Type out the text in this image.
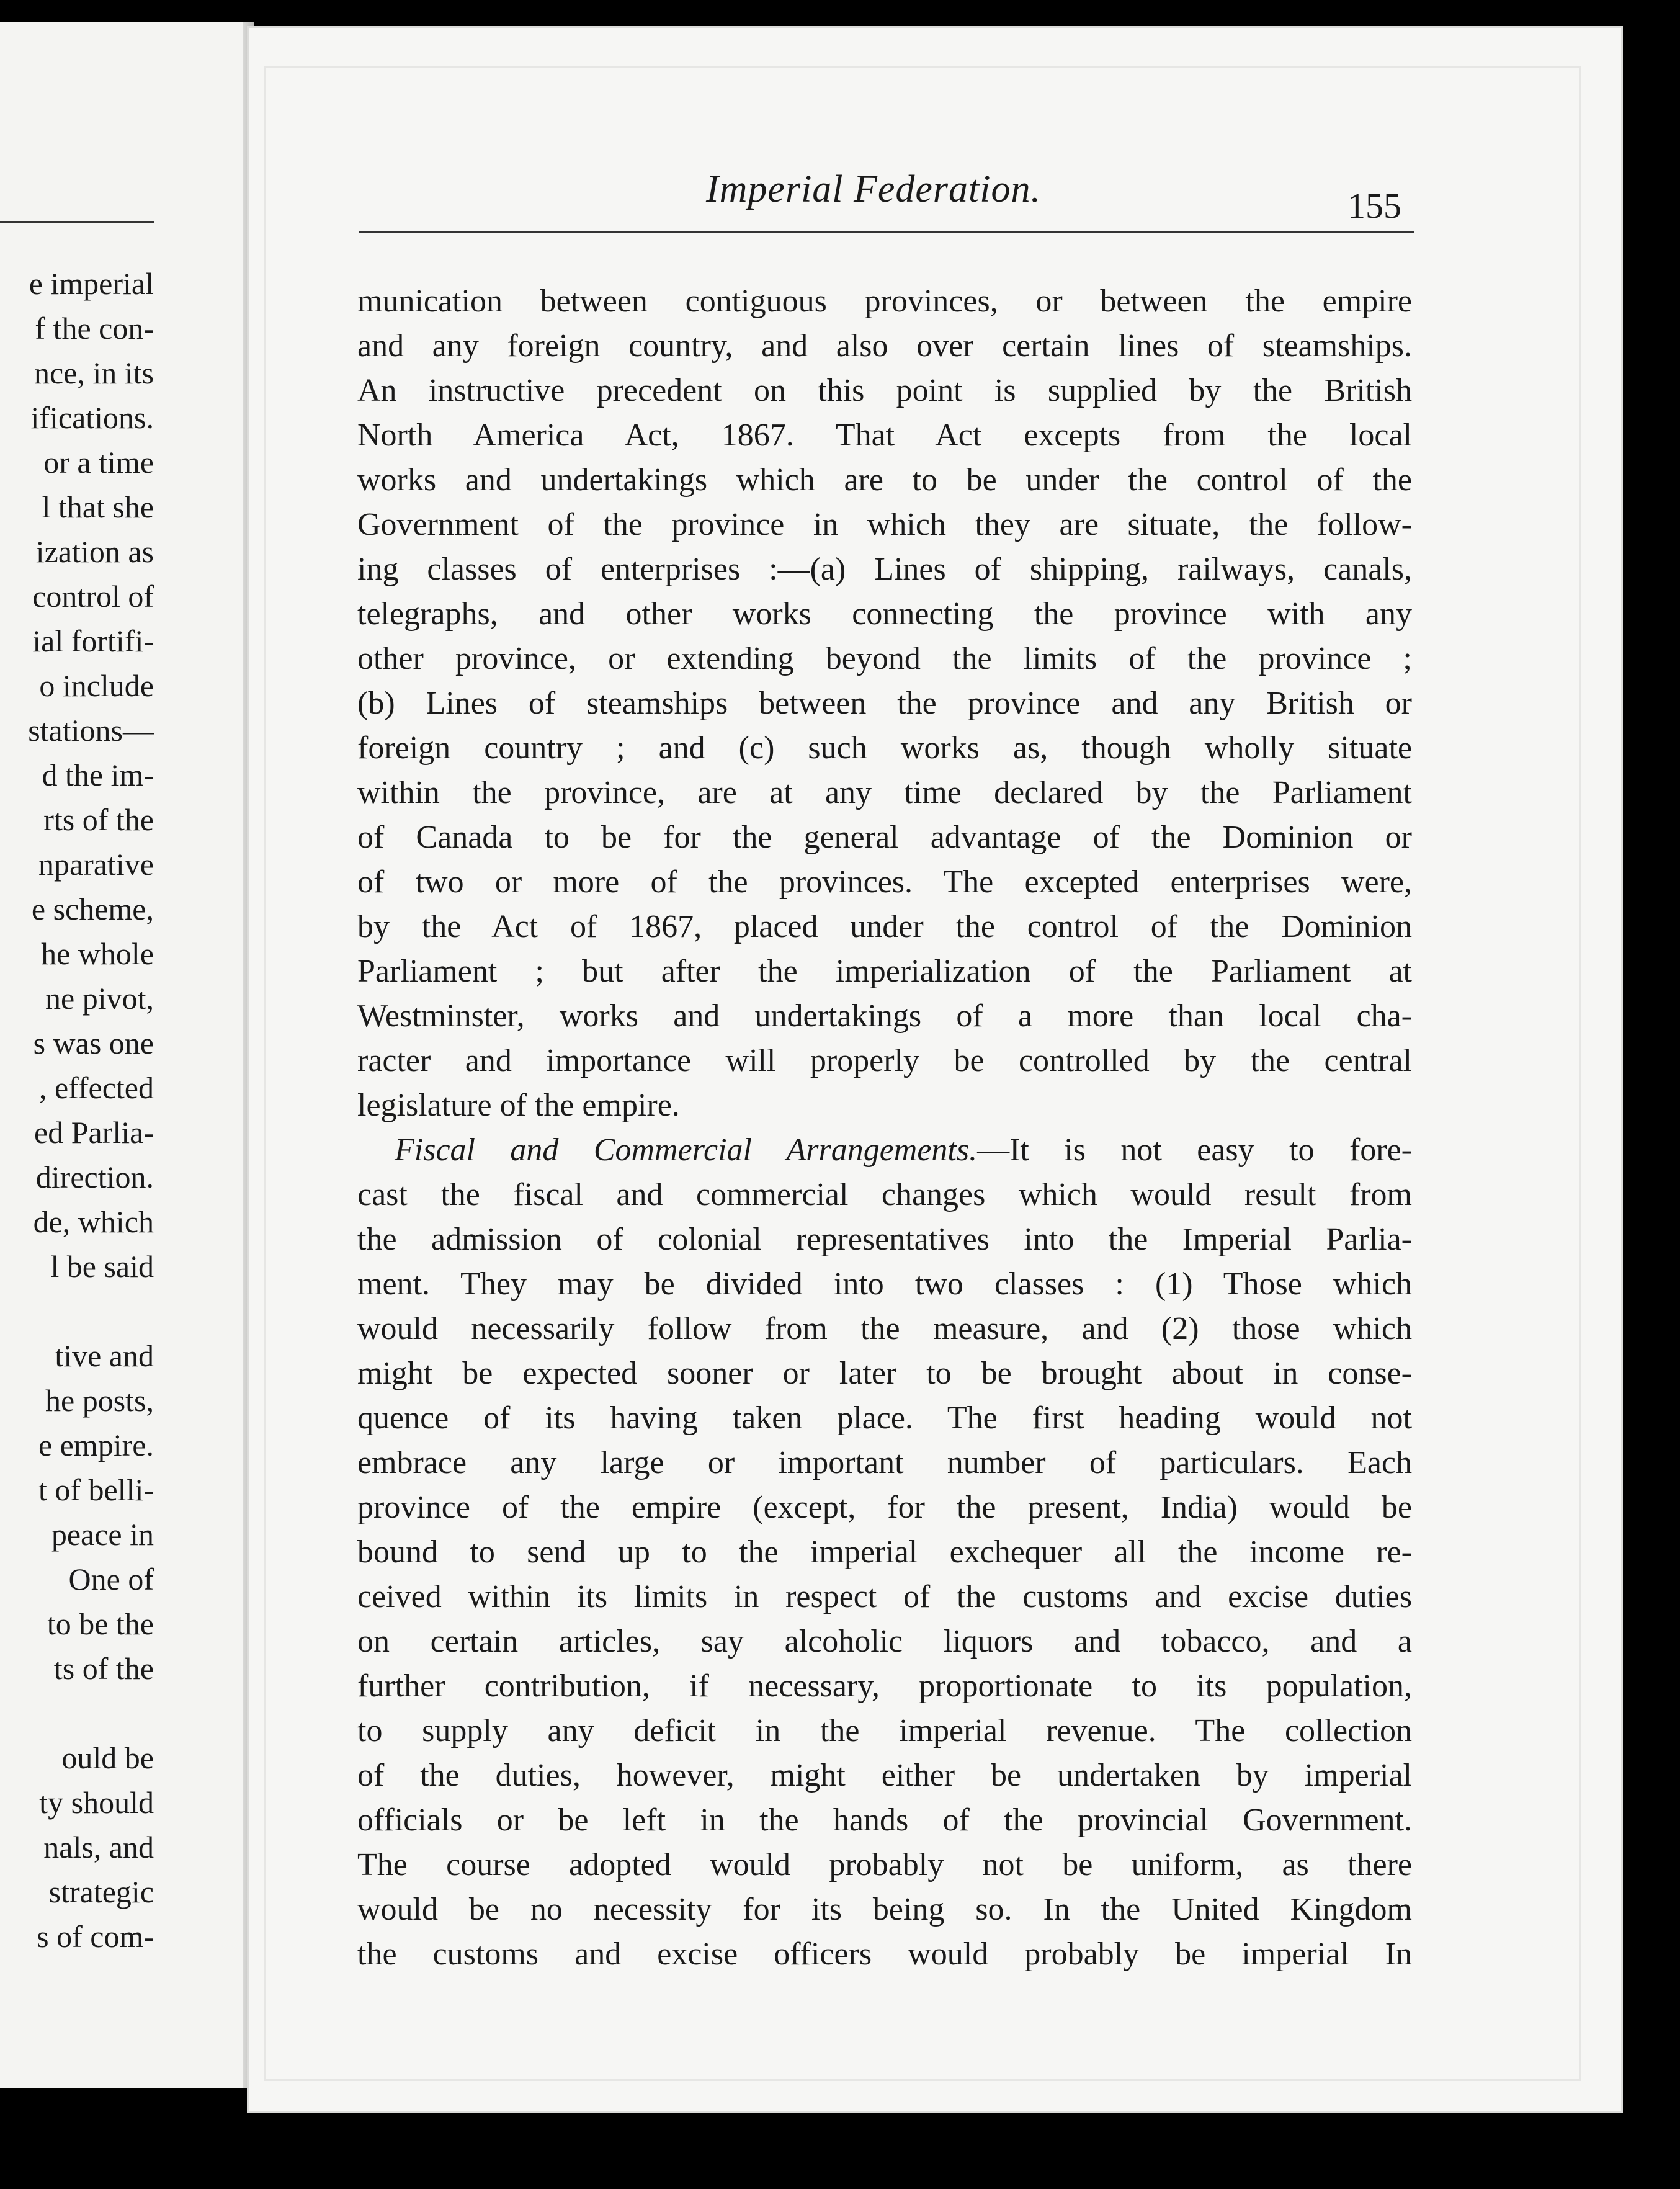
e imperial
f the con-
nce, in its
ifications.
or a time
l that she
ization as
control of
ial fortifi-
o include
stations—
d the im-
rts of the
nparative
e scheme,
he whole
ne pivot,
s was one
, effected
ed Parlia-
direction.
de, which
l be said
tive and
he posts,
e empire.
t of belli-
peace in
One of
to be the
ts of the
ould be
ty should
nals, and
strategic
s of com-
Imperial Federation.	155
munication between contiguous provinces, or between the empire
and any foreign country, and also over certain lines of steamships.
An instructive precedent on this point is supplied by the British
North America Act, 1867. That Act excepts from the local
works and undertakings which are to be under the control of the
Government of the province in which they are situate, the follow-
ing classes of enterprises :—(a) Lines of shipping, railways, canals,
telegraphs, and other works connecting the province with any
other province, or extending beyond the limits of the province ;
(b) Lines of steamships between the province and any British or
foreign country ; and (c) such works as, though wholly situate
within the province, are at any time declared by the Parliament
of Canada to be for the general advantage of the Dominion or
of two or more of the provinces. The excepted enterprises were,
by the Act of 1867, placed under the control of the Dominion
Parliament ; but after the imperialization of the Parliament at
Westminster, works and undertakings of a more than local cha-
racter and importance will properly be controlled by the central
legislature of the empire.
Fiscal and Commercial Arrangements.—It is not easy to fore-
cast the fiscal and commercial changes which would result from
the admission of colonial representatives into the Imperial Parlia-
ment. They may be divided into two classes : (1) Those which
would necessarily follow from the measure, and (2) those which
might be expected sooner or later to be brought about in conse-
quence of its having taken place. The first heading would not
embrace any large or important number of particulars. Each
province of the empire (except, for the present, India) would be
bound to send up to the imperial exchequer all the income re-
ceived within its limits in respect of the customs and excise duties
on certain articles, say alcoholic liquors and tobacco, and a
further contribution, if necessary, proportionate to its population,
to supply any deficit in the imperial revenue. The collection
of the duties, however, might either be undertaken by imperial
officials or be left in the hands of the provincial Government.
The course adopted would probably not be uniform, as there
would be no necessity for its being so. In the United Kingdom
the customs and excise officers would probably be imperial In
